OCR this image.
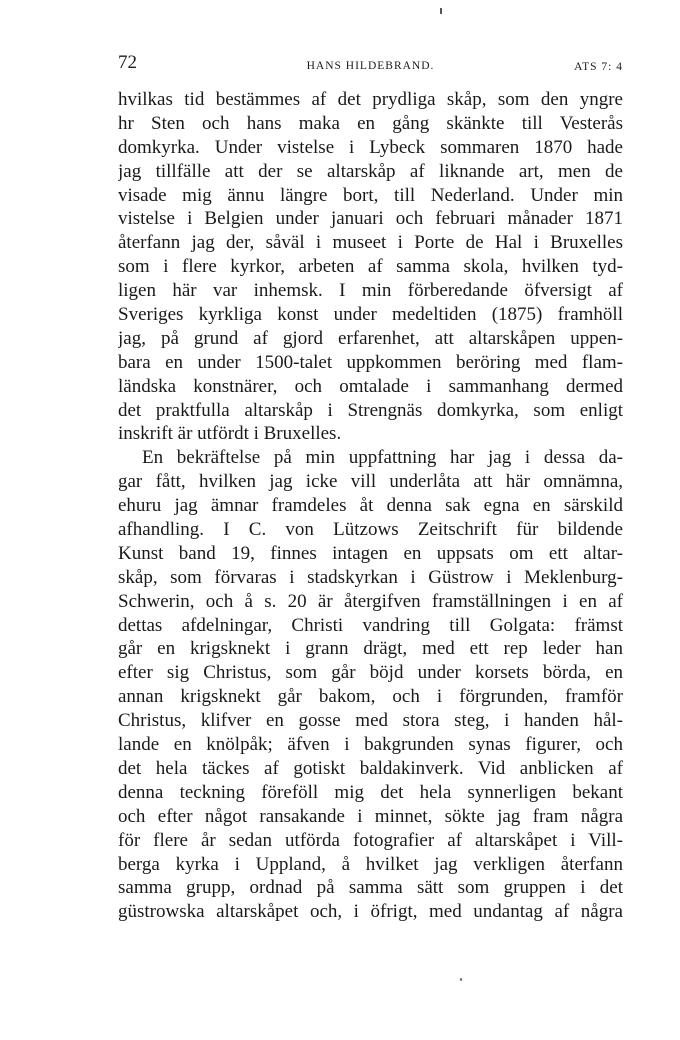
72	HANS HILDEBRAND.	ATS 7: 4
hvilkas tid bestämmes af det prydliga skåp, som den yngre
hr Sten och hans maka en gång skänkte till Vesterås
domkyrka. Under vistelse i Lybeck sommaren 1870 hade
jag tillfälle att der se altarskåp af liknande art, men de
visade mig ännu längre bort, till Nederland. Under min
vistelse i Belgien under januari och februari månader 1871
återfann jag der, såväl i museet i Porte de Hal i Bruxelles
som i flere kyrkor, arbeten af samma skola, hvilken tyd-
ligen här var inhemsk. I min förberedande öfversigt af
Sveriges kyrkliga konst under medeltiden (1875) framhöll
jag, på grund af gjord erfarenhet, att altarskåpen uppen-
bara en under 1500-talet uppkommen beröring med flam-
ländska konstnärer, och omtalade i sammanhang dermed
det praktfulla altarskåp i Strengnäs domkyrka, som enligt
inskrift är utfördt i Bruxelles.
En bekräftelse på min uppfattning har jag i dessa da-
gar fått, hvilken jag icke vill underlåta att här omnämna,
ehuru jag ämnar framdeles åt denna sak egna en särskild
afhandling. I C. von Lützows Zeitschrift für bildende
Kunst band 19, finnes intagen en uppsats om ett altar-
skåp, som förvaras i stadskyrkan i Güstrow i Meklenburg-
Schwerin, och å s. 20 är återgifven framställningen i en af
dettas afdelningar, Christi vandring till Golgata: främst
går en krigsknekt i grann drägt, med ett rep leder han
efter sig Christus, som går böjd under korsets börda, en
annan krigsknekt går bakom, och i förgrunden, framför
Christus, klifver en gosse med stora steg, i handen hål-
lande en knölpåk; äfven i bakgrunden synas figurer, och
det hela täckes af gotiskt baldakinverk. Vid anblicken af
denna teckning föreföll mig det hela synnerligen bekant
och efter något ransakande i minnet, sökte jag fram några
för flere år sedan utförda fotografier af altarskåpet i Vill-
berga kyrka i Uppland, å hvilket jag verkligen återfann
samma grupp, ordnad på samma sätt som gruppen i det
güstrowska altarskåpet och, i öfrigt, med undantag af några
